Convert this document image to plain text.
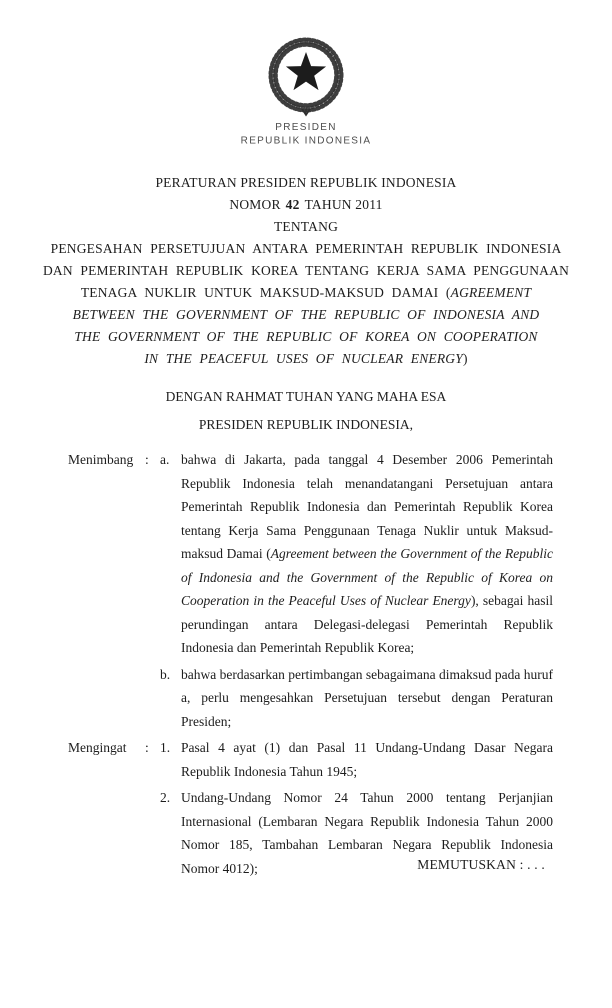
PRESIDEN
REPUBLIK INDONESIA
PERATURAN PRESIDEN REPUBLIK INDONESIA
NOMOR 42 TAHUN 2011
TENTANG
PENGESAHAN PERSETUJUAN ANTARA PEMERINTAH REPUBLIK INDONESIA
DAN PEMERINTAH REPUBLIK KOREA TENTANG KERJA SAMA PENGGUNAAN
TENAGA NUKLIR UNTUK MAKSUD-MAKSUD DAMAI (AGREEMENT
BETWEEN THE GOVERNMENT OF THE REPUBLIC OF INDONESIA AND
THE GOVERNMENT OF THE REPUBLIC OF KOREA ON COOPERATION
IN THE PEACEFUL USES OF NUCLEAR ENERGY)
DENGAN RAHMAT TUHAN YANG MAHA ESA
PRESIDEN REPUBLIK INDONESIA,
Menimbang : a. bahwa di Jakarta, pada tanggal 4 Desember 2006 Pemerintah Republik Indonesia telah menandatangani Persetujuan antara Pemerintah Republik Indonesia dan Pemerintah Republik Korea tentang Kerja Sama Penggunaan Tenaga Nuklir untuk Maksud-maksud Damai (Agreement between the Government of the Republic of Indonesia and the Government of the Republic of Korea on Cooperation in the Peaceful Uses of Nuclear Energy), sebagai hasil perundingan antara Delegasi-delegasi Pemerintah Republik Indonesia dan Pemerintah Republik Korea;
b. bahwa berdasarkan pertimbangan sebagaimana dimaksud pada huruf a, perlu mengesahkan Persetujuan tersebut dengan Peraturan Presiden;
Mengingat	: 1. Pasal 4 ayat (1) dan Pasal 11 Undang-Undang Dasar Negara Republik Indonesia Tahun 1945;
2. Undang-Undang Nomor 24 Tahun 2000 tentang Perjanjian Internasional (Lembaran Negara Republik Indonesia Tahun 2000 Nomor 185, Tambahan Lembaran Negara Republik Indonesia Nomor 4012);	MEMUTUSKAN : . . .
